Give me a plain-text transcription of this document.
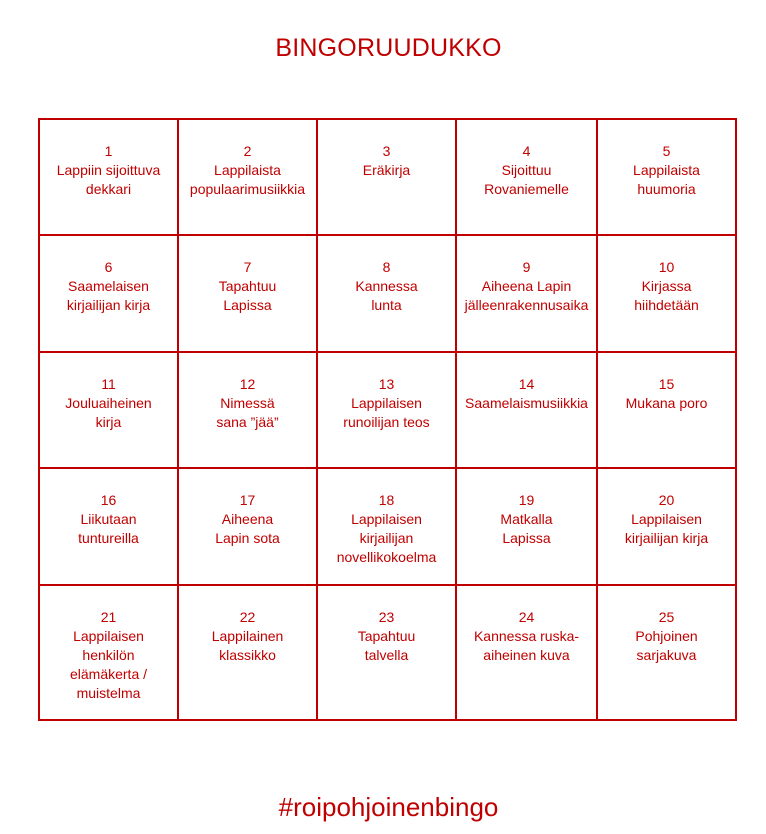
BINGORUUDUKKO
1
Lappiin sijoittuva
dekkari	2
Lappilaista
populaarimusiikkia	3
Eräkirja	4
Sijoittuu
Rovaniemelle	5
Lappilaista
huumoria

6
Saamelaisen
kirjailijan kirja	7
Tapahtuu
Lapissa	8
Kannessa
lunta	9
Aiheena Lapin
jälleenrakennusaika	10
Kirjassa
hiihdetään

11
Jouluaiheinen
kirja	12
Nimessä
sana ”jää”	13
Lappilaisen
runoilijan teos	14
Saamelaismusiikkia	15
Mukana poro

16
Liikutaan
tuntureilla	17
Aiheena
Lapin sota	18
Lappilaisen
kirjailijan
novellikokoelma	19
Matkalla
Lapissa	20
Lappilaisen
kirjailijan kirja

21
Lappilaisen
henkilön
elämäkerta /
muistelma	22
Lappilainen
klassikko	23
Tapahtuu
talvella	24
Kannessa ruska-
aiheinen kuva	25
Pohjoinen
sarjakuva
#roipohjoinenbingo
